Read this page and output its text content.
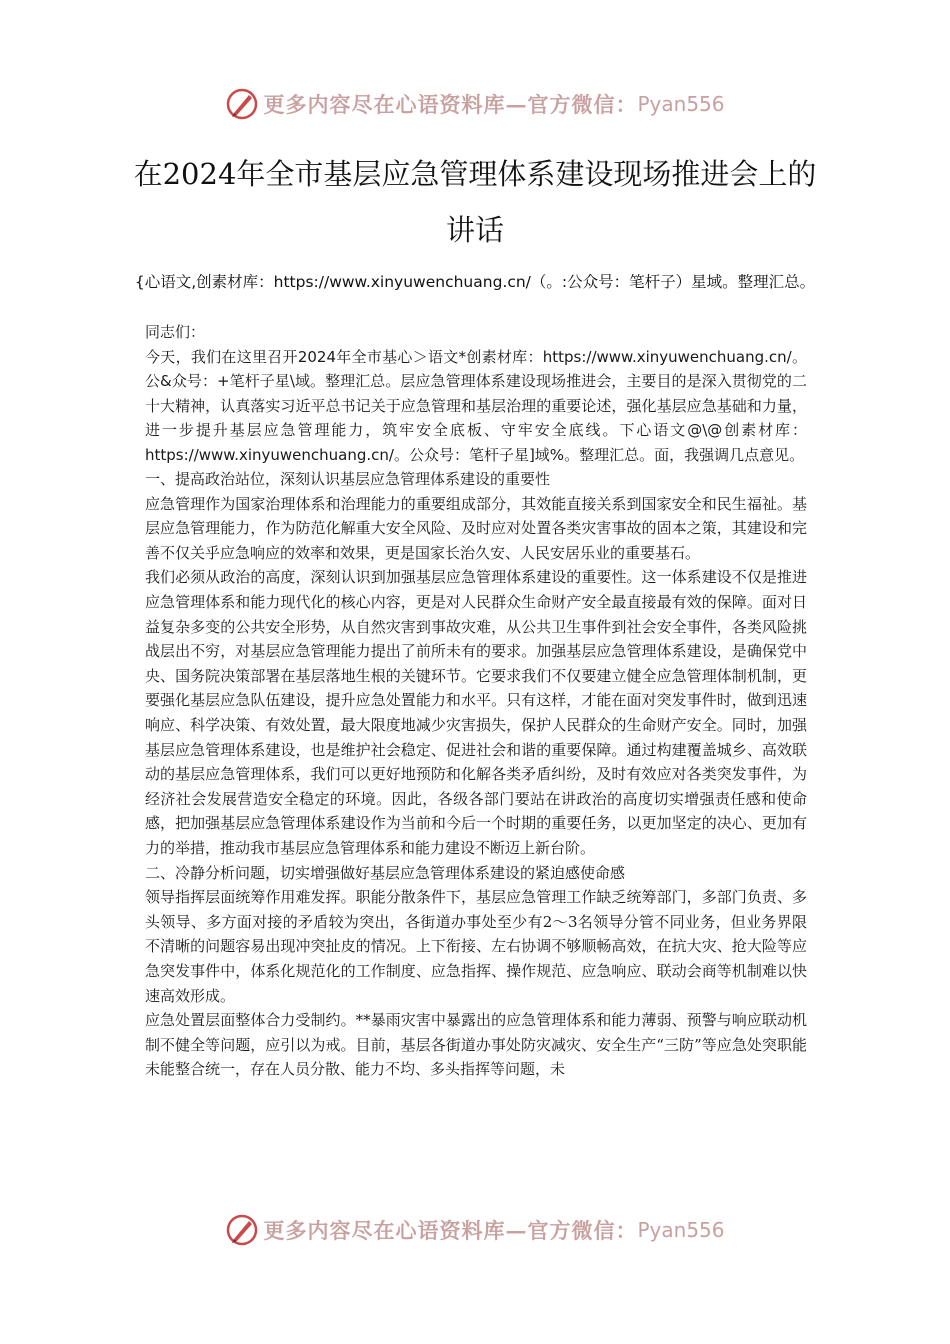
更多内容尽在心语资料库—官方微信： Pyan556
在2024年全市基层应急管理体系建设现场推进会上的讲话
{心语文,创素材库：https://www.xinyuwenchuang.cn/（。:公众号：笔杆子）星域。整理汇总。

同志们：

今天，我们在这里召开2024年全市基心＞语文*创素材库：https://www.xinyuwenchuang.cn/。公&众号：+笔杆子星\域。整理汇总。层应急管理体系建设现场推进会，主要目的是深入贯彻党的二十大精神，认真落实习近平总书记关于应急管理和基层治理的重要论述，强化基层应急基础和力量，进一步提升基层应急管理能力，筑牢安全底板、守牢安全底线。下心语文@\@创素材库：https://www.xinyuwenchuang.cn/。公众号：笔杆子星]域%。整理汇总。面，我强调几点意见。

一、提高政治站位，深刻认识基层应急管理体系建设的重要性

应急管理作为国家治理体系和治理能力的重要组成部分，其效能直接关系到国家安全和民生福祉。基层应急管理能力，作为防范化解重大安全风险、及时应对处置各类灾害事故的固本之策，其建设和完善不仅关乎应急响应的效率和效果，更是国家长治久安、人民安居乐业的重要基石。

我们必须从政治的高度，深刻认识到加强基层应急管理体系建设的重要性。这一体系建设不仅是推进应急管理体系和能力现代化的核心内容，更是对人民群众生命财产安全最直接最有效的保障。面对日益复杂多变的公共安全形势，从自然灾害到事故灾难，从公共卫生事件到社会安全事件，各类风险挑战层出不穷，对基层应急管理能力提出了前所未有的要求。加强基层应急管理体系建设，是确保党中央、国务院决策部署在基层落地生根的关键环节。它要求我们不仅要建立健全应急管理体制机制，更要强化基层应急队伍建设，提升应急处置能力和水平。只有这样，才能在面对突发事件时，做到迅速响应、科学决策、有效处置，最大限度地减少灾害损失，保护人民群众的生命财产安全。同时，加强基层应急管理体系建设，也是维护社会稳定、促进社会和谐的重要保障。通过构建覆盖城乡、高效联动的基层应急管理体系，我们可以更好地预防和化解各类矛盾纠纷，及时有效应对各类突发事件，为经济社会发展营造安全稳定的环境。因此，各级各部门要站在讲政治的高度切实增强责任感和使命感，把加强基层应急管理体系建设作为当前和今后一个时期的重要任务，以更加坚定的决心、更加有力的举措，推动我市基层应急管理体系和能力建设不断迈上新台阶。

二、冷静分析问题，切实增强做好基层应急管理体系建设的紧迫感使命感

领导指挥层面统筹作用难发挥。职能分散条件下，基层应急管理工作缺乏统筹部门，多部门负责、多头领导、多方面对接的矛盾较为突出，各街道办事处至少有2～3名领导分管不同业务，但业务界限不清晰的问题容易出现冲突扯皮的情况。上下衔接、左右协调不够顺畅高效，在抗大灾、抢大险等应急突发事件中，体系化规范化的工作制度、应急指挥、操作规范、应急响应、联动会商等机制难以快速高效形成。

应急处置层面整体合力受制约。**暴雨灾害中暴露出的应急管理体系和能力薄弱、预警与响应联动机制不健全等问题，应引以为戒。目前，基层各街道办事处防灾减灾、安全生产“三防”等应急处突职能未能整合统一，存在人员分散、能力不均、多头指挥等问题，未

更多内容尽在心语资料库—官方微信： Pyan556
